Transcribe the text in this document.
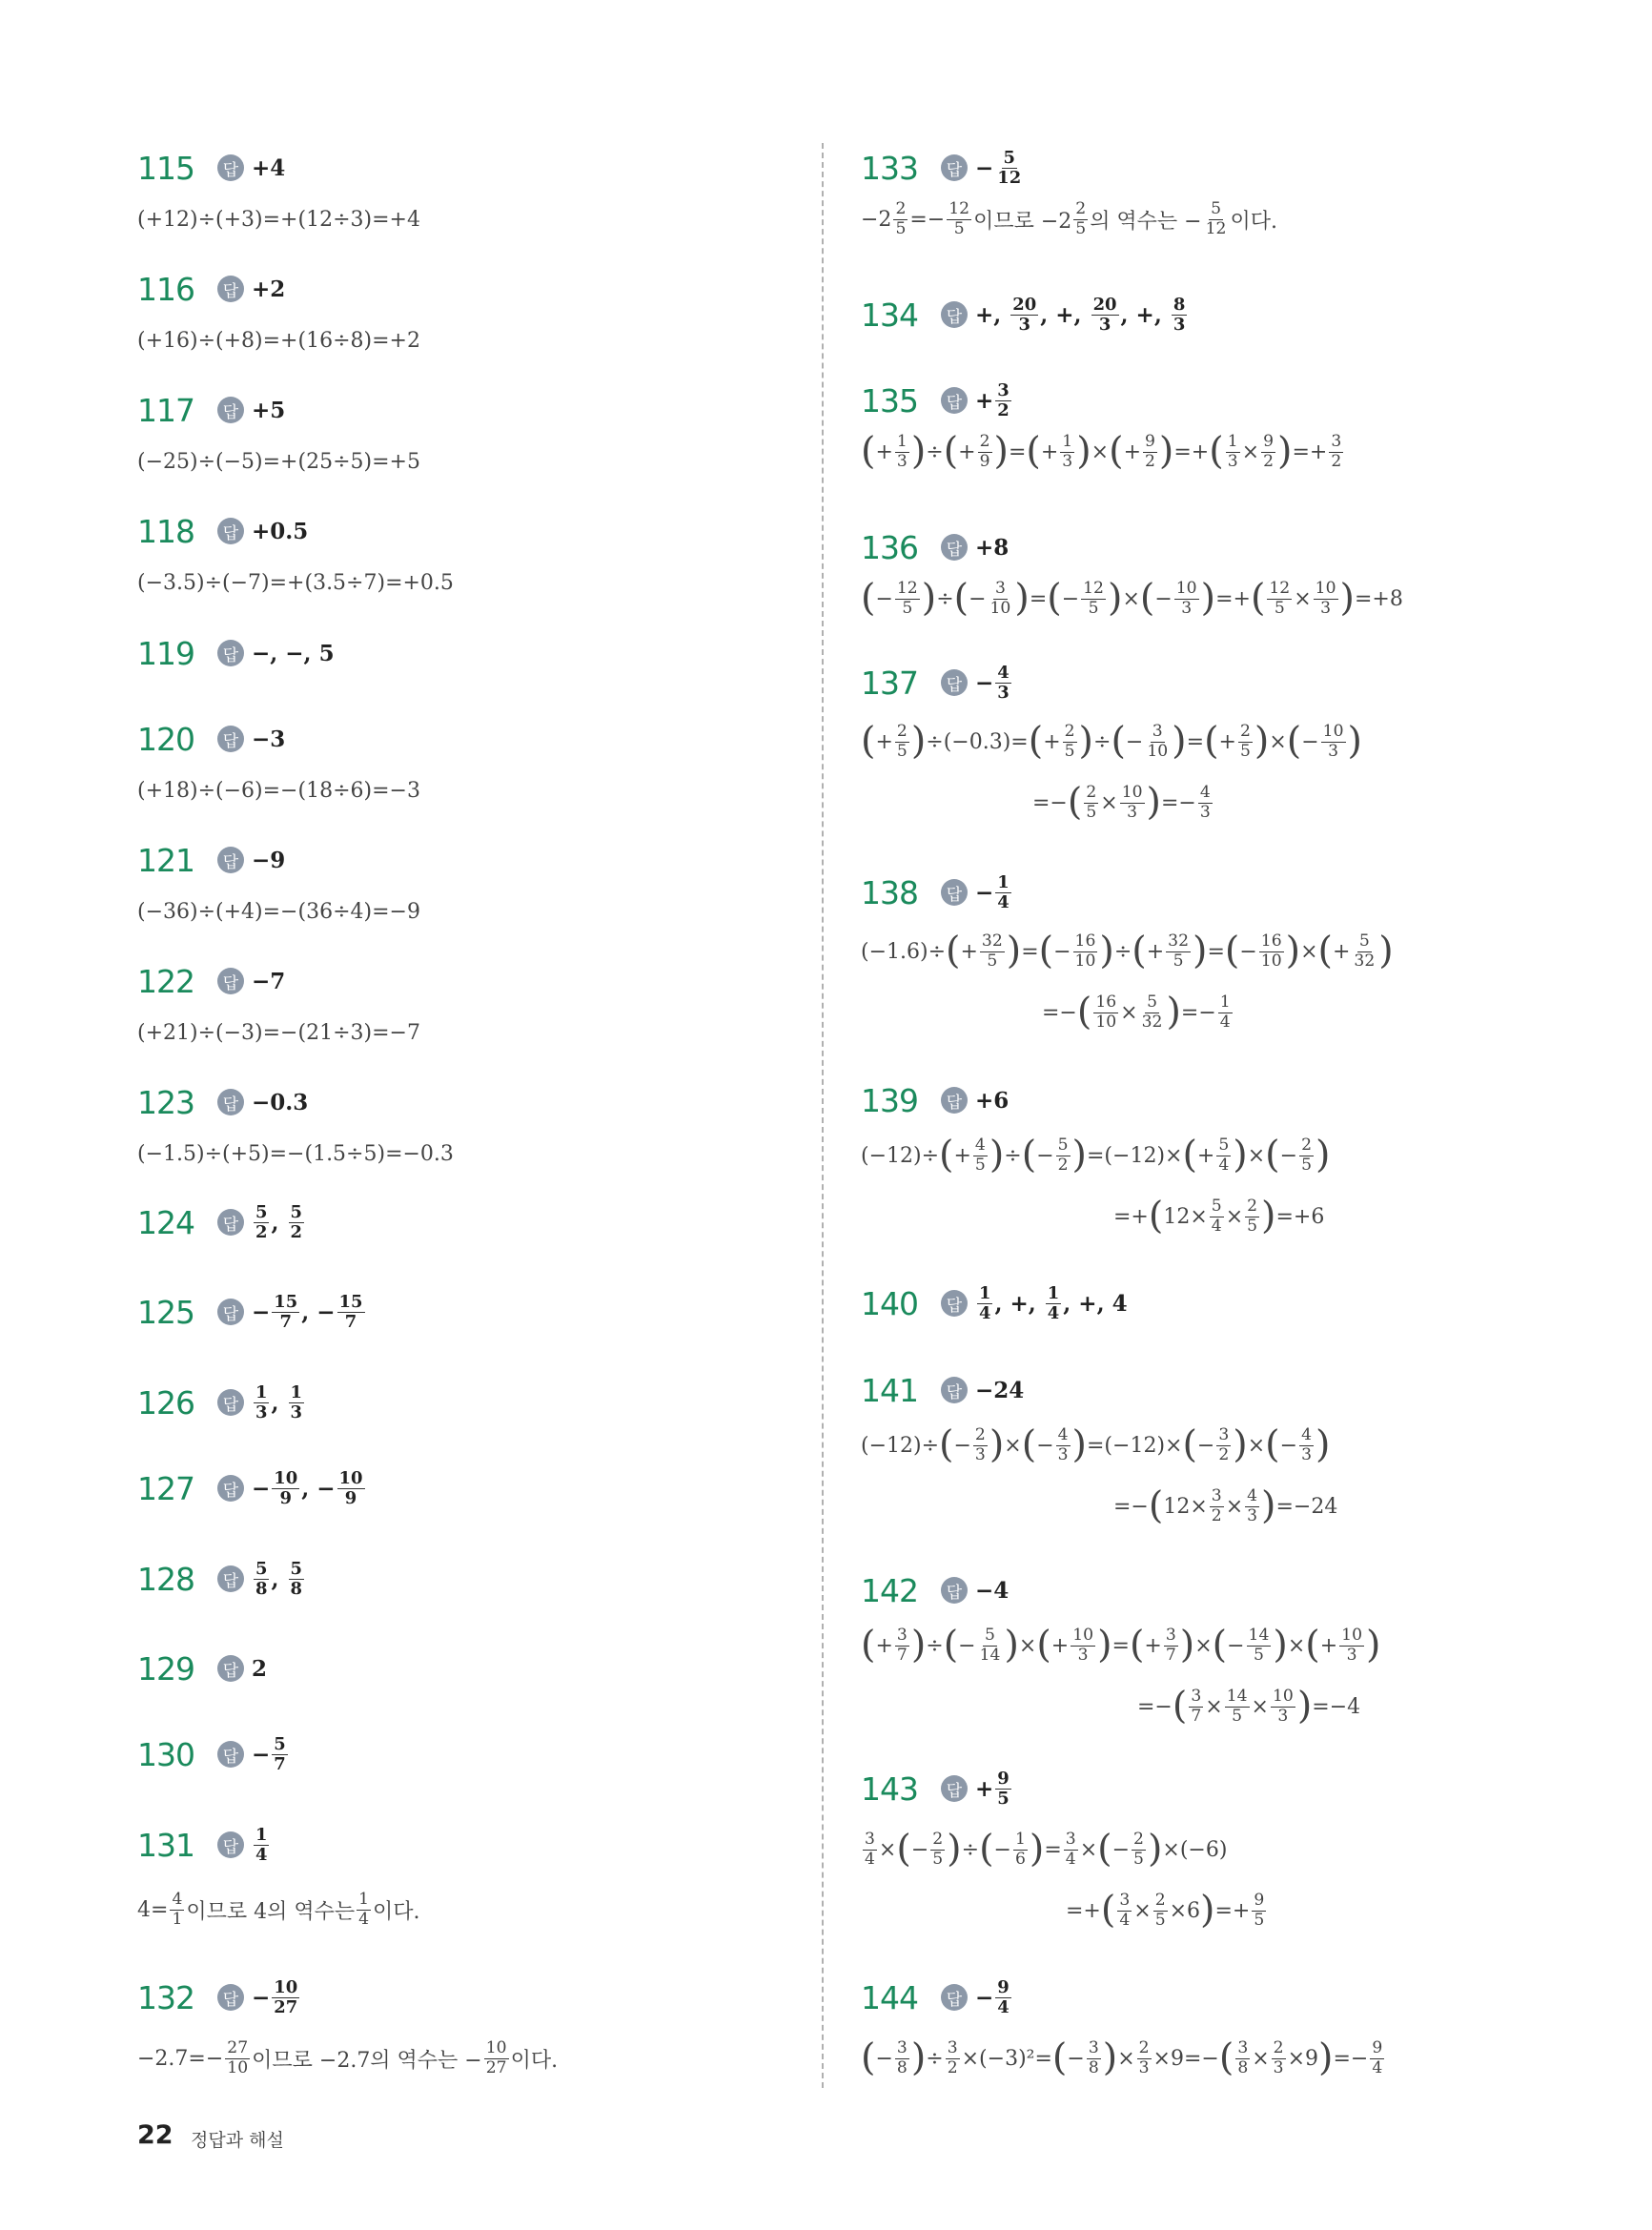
115	답 +4
(+12)÷(+3)=+(12÷3)=+4
116	답 +2
(+16)÷(+8)=+(16÷8)=+2
117	답 +5
(−25)÷(−5)=+(25÷5)=+5
118	답 +0.5
(−3.5)÷(−7)=+(3.5÷7)=+0.5
119	답 −, −, 5
120	답 −3
(+18)÷(−6)=−(18÷6)=−3
121	답 −9
(−36)÷(+4)=−(36÷4)=−9
122	답 −7
(+21)÷(−3)=−(21÷3)=−7
123	답 −0.3
(−1.5)÷(+5)=−(1.5÷5)=−0.3
124	답 $\frac{5}{2}$ , $\frac{5}{2}$
125	답 − $\frac{15}{7}$ , − $\frac{15}{7}$
126	답 $\frac{1}{3}$ , $\frac{1}{3}$
127	답 − $\frac{10}{9}$ , − $\frac{10}{9}$
128	답 $\frac{5}{8}$ , $\frac{5}{8}$
129	답 2
130	답 − $\frac{5}{7}$
131	답 $\frac{1}{4}$
$4= \frac{4}{1}$ 이므로 4의 역수는 $\frac{1}{4}$ 이다.
132	답 − $\frac{10}{27}$
$-2.7=- \frac{27}{10}$ 이므로 −2.7의 역수는 − $\frac{10}{27}$ 이다.
133	답 − $\frac{5}{12}$
$-2 \frac{2}{5} =- \frac{12}{5}$ 이므로 $-2 \frac{2}{5}$ 의 역수는 − $\frac{5}{12}$ 이다.
134	답 +, $\frac{20}{3}$ , +, $\frac{20}{3}$ , +, $\frac{8}{3}$
135	답 + $\frac{3}{2}$
( + $\frac{1}{3}$ ) ÷ ( + $\frac{2}{9}$ ) = ( + $\frac{1}{3}$ ) × ( + $\frac{9}{2}$ ) =+ ( $\frac{1}{3} \times \frac{9}{2}$ ) =+ $\frac{3}{2}$
136	답 +8
( − $\frac{12}{5}$ ) ÷ ( − $\frac{3}{10}$ ) = ( − $\frac{12}{5}$ ) × ( − $\frac{10}{3}$ ) =+ ( $\frac{12}{5} \times \frac{10}{3}$ ) =+8
137	답 − $\frac{4}{3}$
( + $\frac{2}{5}$ ) ÷(−0.3)= ( + $\frac{2}{5}$ ) ÷ ( − $\frac{3}{10}$ ) = ( + $\frac{2}{5}$ ) × ( − $\frac{10}{3}$ )
=− ( $\frac{2}{5} \times \frac{10}{3}$ ) =− $\frac{4}{3}$
138	답 − $\frac{1}{4}$
(−1.6)÷ ( + $\frac{32}{5}$ ) = ( − $\frac{16}{10}$ ) ÷ ( + $\frac{32}{5}$ ) = ( − $\frac{16}{10}$ ) × ( + $\frac{5}{32}$ )
=− ( $\frac{16}{10} \times \frac{5}{32}$ ) =− $\frac{1}{4}$
139	답 +6
(−12)÷ ( + $\frac{4}{5}$ ) ÷ ( − $\frac{5}{2}$ ) =(−12)× ( + $\frac{5}{4}$ ) × ( − $\frac{2}{5}$ )
=+ ( $12\times \frac{5}{4} \times \frac{2}{5}$ ) =+6
140	답 $\frac{1}{4}$ , +, $\frac{1}{4}$ , +, 4
141	답 −24
(−12)÷ ( − $\frac{2}{3}$ ) × ( − $\frac{4}{3}$ ) =(−12)× ( − $\frac{3}{2}$ ) × ( − $\frac{4}{3}$ )
=− ( $12\times \frac{3}{2} \times \frac{4}{3}$ ) =−24
142	답 −4
( + $\frac{3}{7}$ ) ÷ ( − $\frac{5}{14}$ ) × ( + $\frac{10}{3}$ ) = ( + $\frac{3}{7}$ ) × ( − $\frac{14}{5}$ ) × ( + $\frac{10}{3}$ )
=− ( $\frac{3}{7} \times \frac{14}{5} \times \frac{10}{3}$ ) =−4
143	답 + $\frac{9}{5}$
$\frac{3}{4}$ × ( − $\frac{2}{5}$ ) ÷ ( − $\frac{1}{6}$ ) = $\frac{3}{4}$ × ( − $\frac{2}{5}$ ) ×(−6)
=+ ( $\frac{3}{4} \times \frac{2}{5} \times 6$ ) =+ $\frac{9}{5}$
144	답 − $\frac{9}{4}$
( − $\frac{3}{8}$ ) ÷ $\frac{3}{2} \times(-3)^2=$ ( − $\frac{3}{8}$ ) × $\frac{2}{3} \times 9=-$ ( $\frac{3}{8} \times \frac{2}{3} \times 9$ ) =− $\frac{9}{4}$
22 정답과 해설
